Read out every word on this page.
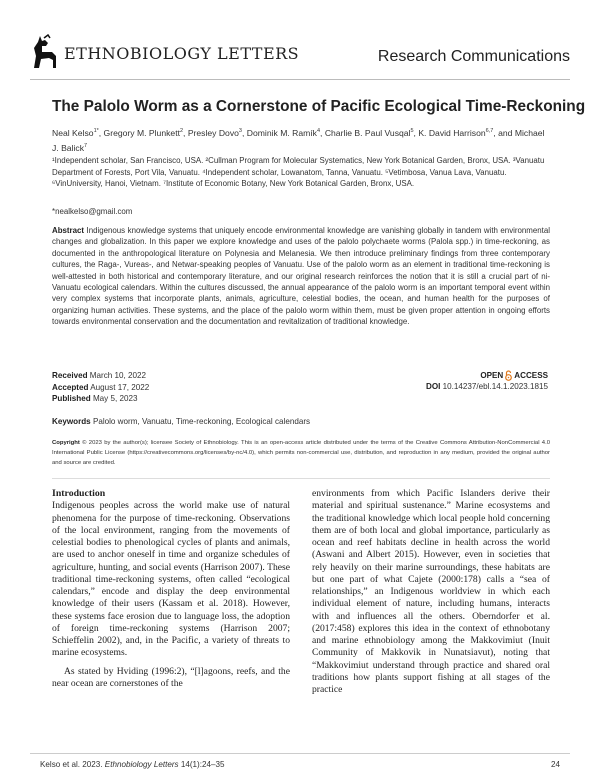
ETHNOBIOLOGY LETTERS	Research Communications
The Palolo Worm as a Cornerstone of Pacific Ecological Time-Reckoning
Neal Kelso$^{1*}$, Gregory M. Plunkett$^2$, Presley Dovo$^3$, Dominik M. Ramík$^4$, Charlie B. Paul Vusqal$^5$, K. David Harrison$^{6,7}$, and Michael J. Balick$^7$
¹Independent scholar, San Francisco, USA. ²Cullman Program for Molecular Systematics, New York Botanical Garden, Bronx, USA. ³Vanuatu Department of Forests, Port Vila, Vanuatu. ⁴Independent scholar, Lowanatom, Tanna, Vanuatu. ⁵Vetimbosa, Vanua Lava, Vanuatu. ⁶VinUniversity, Hanoi, Vietnam. ⁷Institute of Economic Botany, New York Botanical Garden, Bronx, USA.
*nealkelso@gmail.com
Abstract Indigenous knowledge systems that uniquely encode environmental knowledge are vanishing globally in tandem with environmental changes and globalization. In this paper we explore knowledge and uses of the palolo polychaete worms (Palola spp.) in time-reckoning, as documented in the anthropological literature on Polynesia and Melanesia. We then introduce preliminary findings from three contemporary cultures, the Raga-, Vureas-, and Netwar-speaking peoples of Vanuatu. Use of the palolo worm as an element in traditional time-reckoning is well-attested in both historical and contemporary literature, and our original research reinforces the notion that it is still a crucial part of ni-Vanuatu ecological calendars. Within the cultures discussed, the annual appearance of the palolo worm is an important temporal event within very complex systems that incorporate plants, animals, agriculture, celestial bodies, the ocean, and human health for the purposes of organizing human activities. These systems, and the place of the palolo worm within them, must be given proper attention in ongoing efforts towards environmental conservation and the documentation and revitalization of traditional knowledge.
Received March 10, 2022
Accepted August 17, 2022
Published May 5, 2023
OPEN ACCESS
DOI 10.14237/ebl.14.1.2023.1815
Keywords Palolo worm, Vanuatu, Time-reckoning, Ecological calendars
Copyright © 2023 by the author(s); licensee Society of Ethnobiology. This is an open-access article distributed under the terms of the Creative Commons Attribution-NonCommercial 4.0 International Public License (https://creativecommons.org/licenses/by-nc/4.0), which permits non-commercial use, distribution, and reproduction in any medium, provided the original author and source are credited.
Introduction

Indigenous peoples across the world make use of natural phenomena for the purpose of time-reckoning. Observations of the local environment, ranging from the movements of celestial bodies to phenological cycles of plants and animals, are used to anchor oneself in time and organize schedules of agriculture, hunting, and social events (Harrison 2007). These traditional time-reckoning systems, often called “ecological calendars,” encode and display the deep environmental knowledge of their users (Kassam et al. 2018). However, these systems face erosion due to language loss, the adoption of foreign time-reckoning systems (Harrison 2007; Schieffelin 2002), and, in the Pacific, a variety of threats to marine ecosystems.

As stated by Hviding (1996:2), “[l]agoons, reefs, and the near ocean are cornerstones of the

environments from which Pacific Islanders derive their material and spiritual sustenance.” Marine ecosystems and the traditional knowledge which local people hold concerning them are of both local and global importance, particularly as ocean and reef habitats decline in health across the world (Aswani and Albert 2015). However, even in societies that rely heavily on their marine surroundings, these habitats are but one part of what Cajete (2000:178) calls a “sea of relationships,” an Indigenous worldview in which each individual element of nature, including humans, interacts with and influences all the others. Oberndorfer et al. (2017:458) explores this idea in the context of ethnobotany and marine ethnobiology among the Makkovimiut (Inuit Community of Makkovik in Nunatsiavut), noting that “Makkovimiut understand through practice and shared oral traditions how plants support fishing at all stages of the practice

Kelso et al. 2023. Ethnobiology Letters 14(1):24–35	24
